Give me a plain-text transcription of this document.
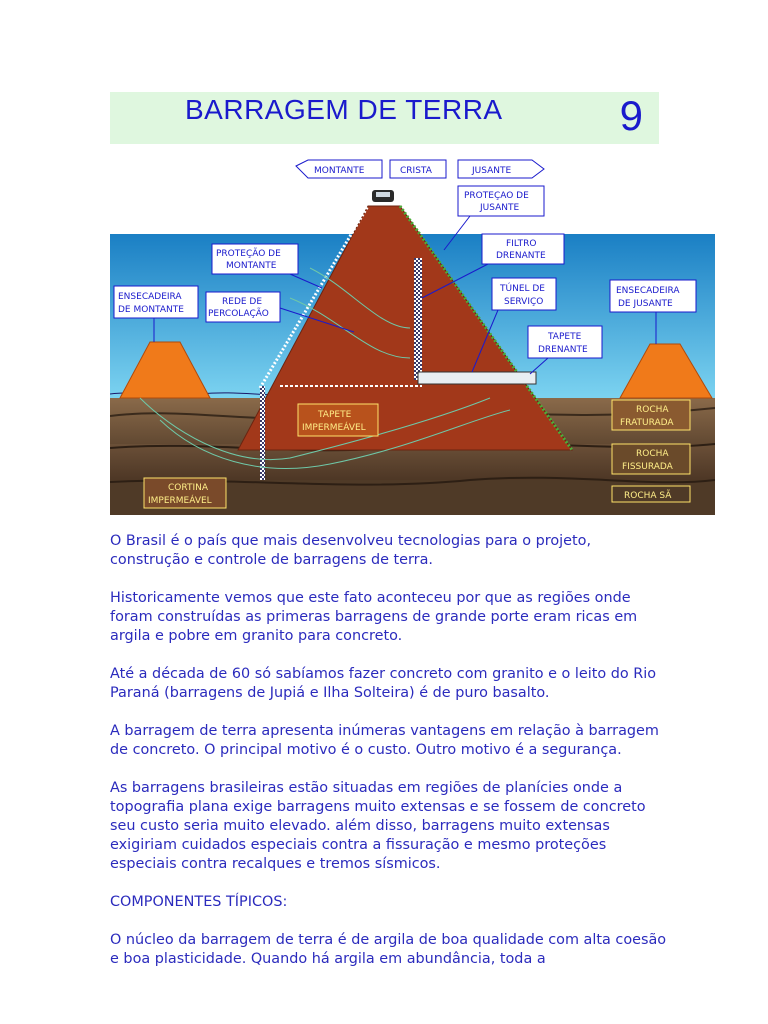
BARRAGEM DE TERRA	9
MONTANTE	CRISTA	JUSANTE
PROTEÇAO DE
JUSANTE
FILTRO
DRENANTE
PROTEÇÃO DE
MONTANTE
REDE DE
PERCOLAÇÃO
ENSECADEIRA
DE MONTANTE
TÚNEL DE
SERVIÇO
ENSECADEIRA
DE JUSANTE
TAPETE
DRENANTE
TAPETE
IMPERMEÁVEL
CORTINA
IMPERMEÁVEL
ROCHA
FRATURADA
ROCHA
FISSURADA
ROCHA SÃ

O Brasil é o país que mais desenvolveu tecnologias para o projeto, construção e controle de barragens de terra.

Historicamente vemos que este fato aconteceu por que as regiões onde foram construídas as primeras barragens de grande porte eram ricas em argila e pobre em granito para concreto.

Até a década de 60 só sabíamos fazer concreto com granito e o leito do Rio Paraná (barragens de Jupiá e Ilha Solteira) é de puro basalto.

A barragem de terra apresenta inúmeras vantagens em relação à barragem de concreto. O principal motivo é o custo. Outro motivo é a segurança.

As barragens brasileiras estão situadas em regiões de planícies onde a topografia plana exige barragens muito extensas e se fossem de concreto seu custo seria muito elevado. além disso, barragens muito extensas exigiriam cuidados especiais contra a fissuração e mesmo proteções especiais contra recalques e tremos sísmicos.

COMPONENTES TÍPICOS:

O núcleo da barragem de terra é de argila de boa qualidade com alta coesão e boa plasticidade. Quando há argila em abundância, toda a
